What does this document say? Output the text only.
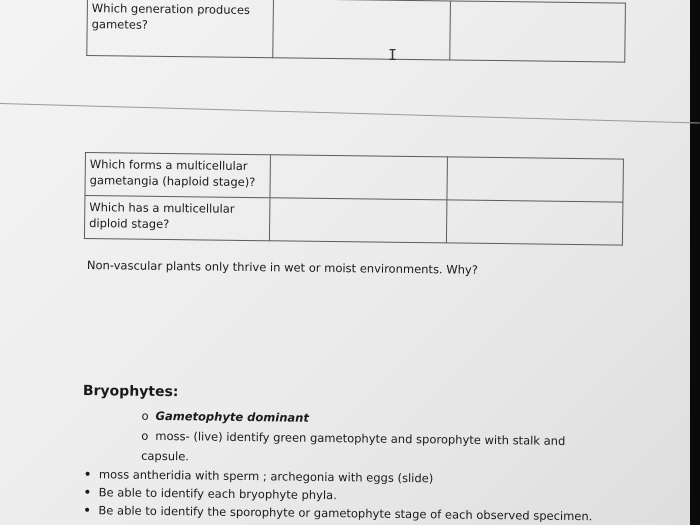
Which generation produces gametes?		
I
Which forms a multicellular gametangia (haploid stage)?		
Which has a multicellular diploid stage?		
Non-vascular plants only thrive in wet or moist environments. Why?
Bryophytes:
o Gametophyte dominant
o moss- (live) identify green gametophyte and sporophyte with stalk and
capsule.
• moss antheridia with sperm ; archegonia with eggs (slide)
• Be able to identify each bryophyte phyla.
• Be able to identify the sporophyte or gametophyte stage of each observed specimen.
